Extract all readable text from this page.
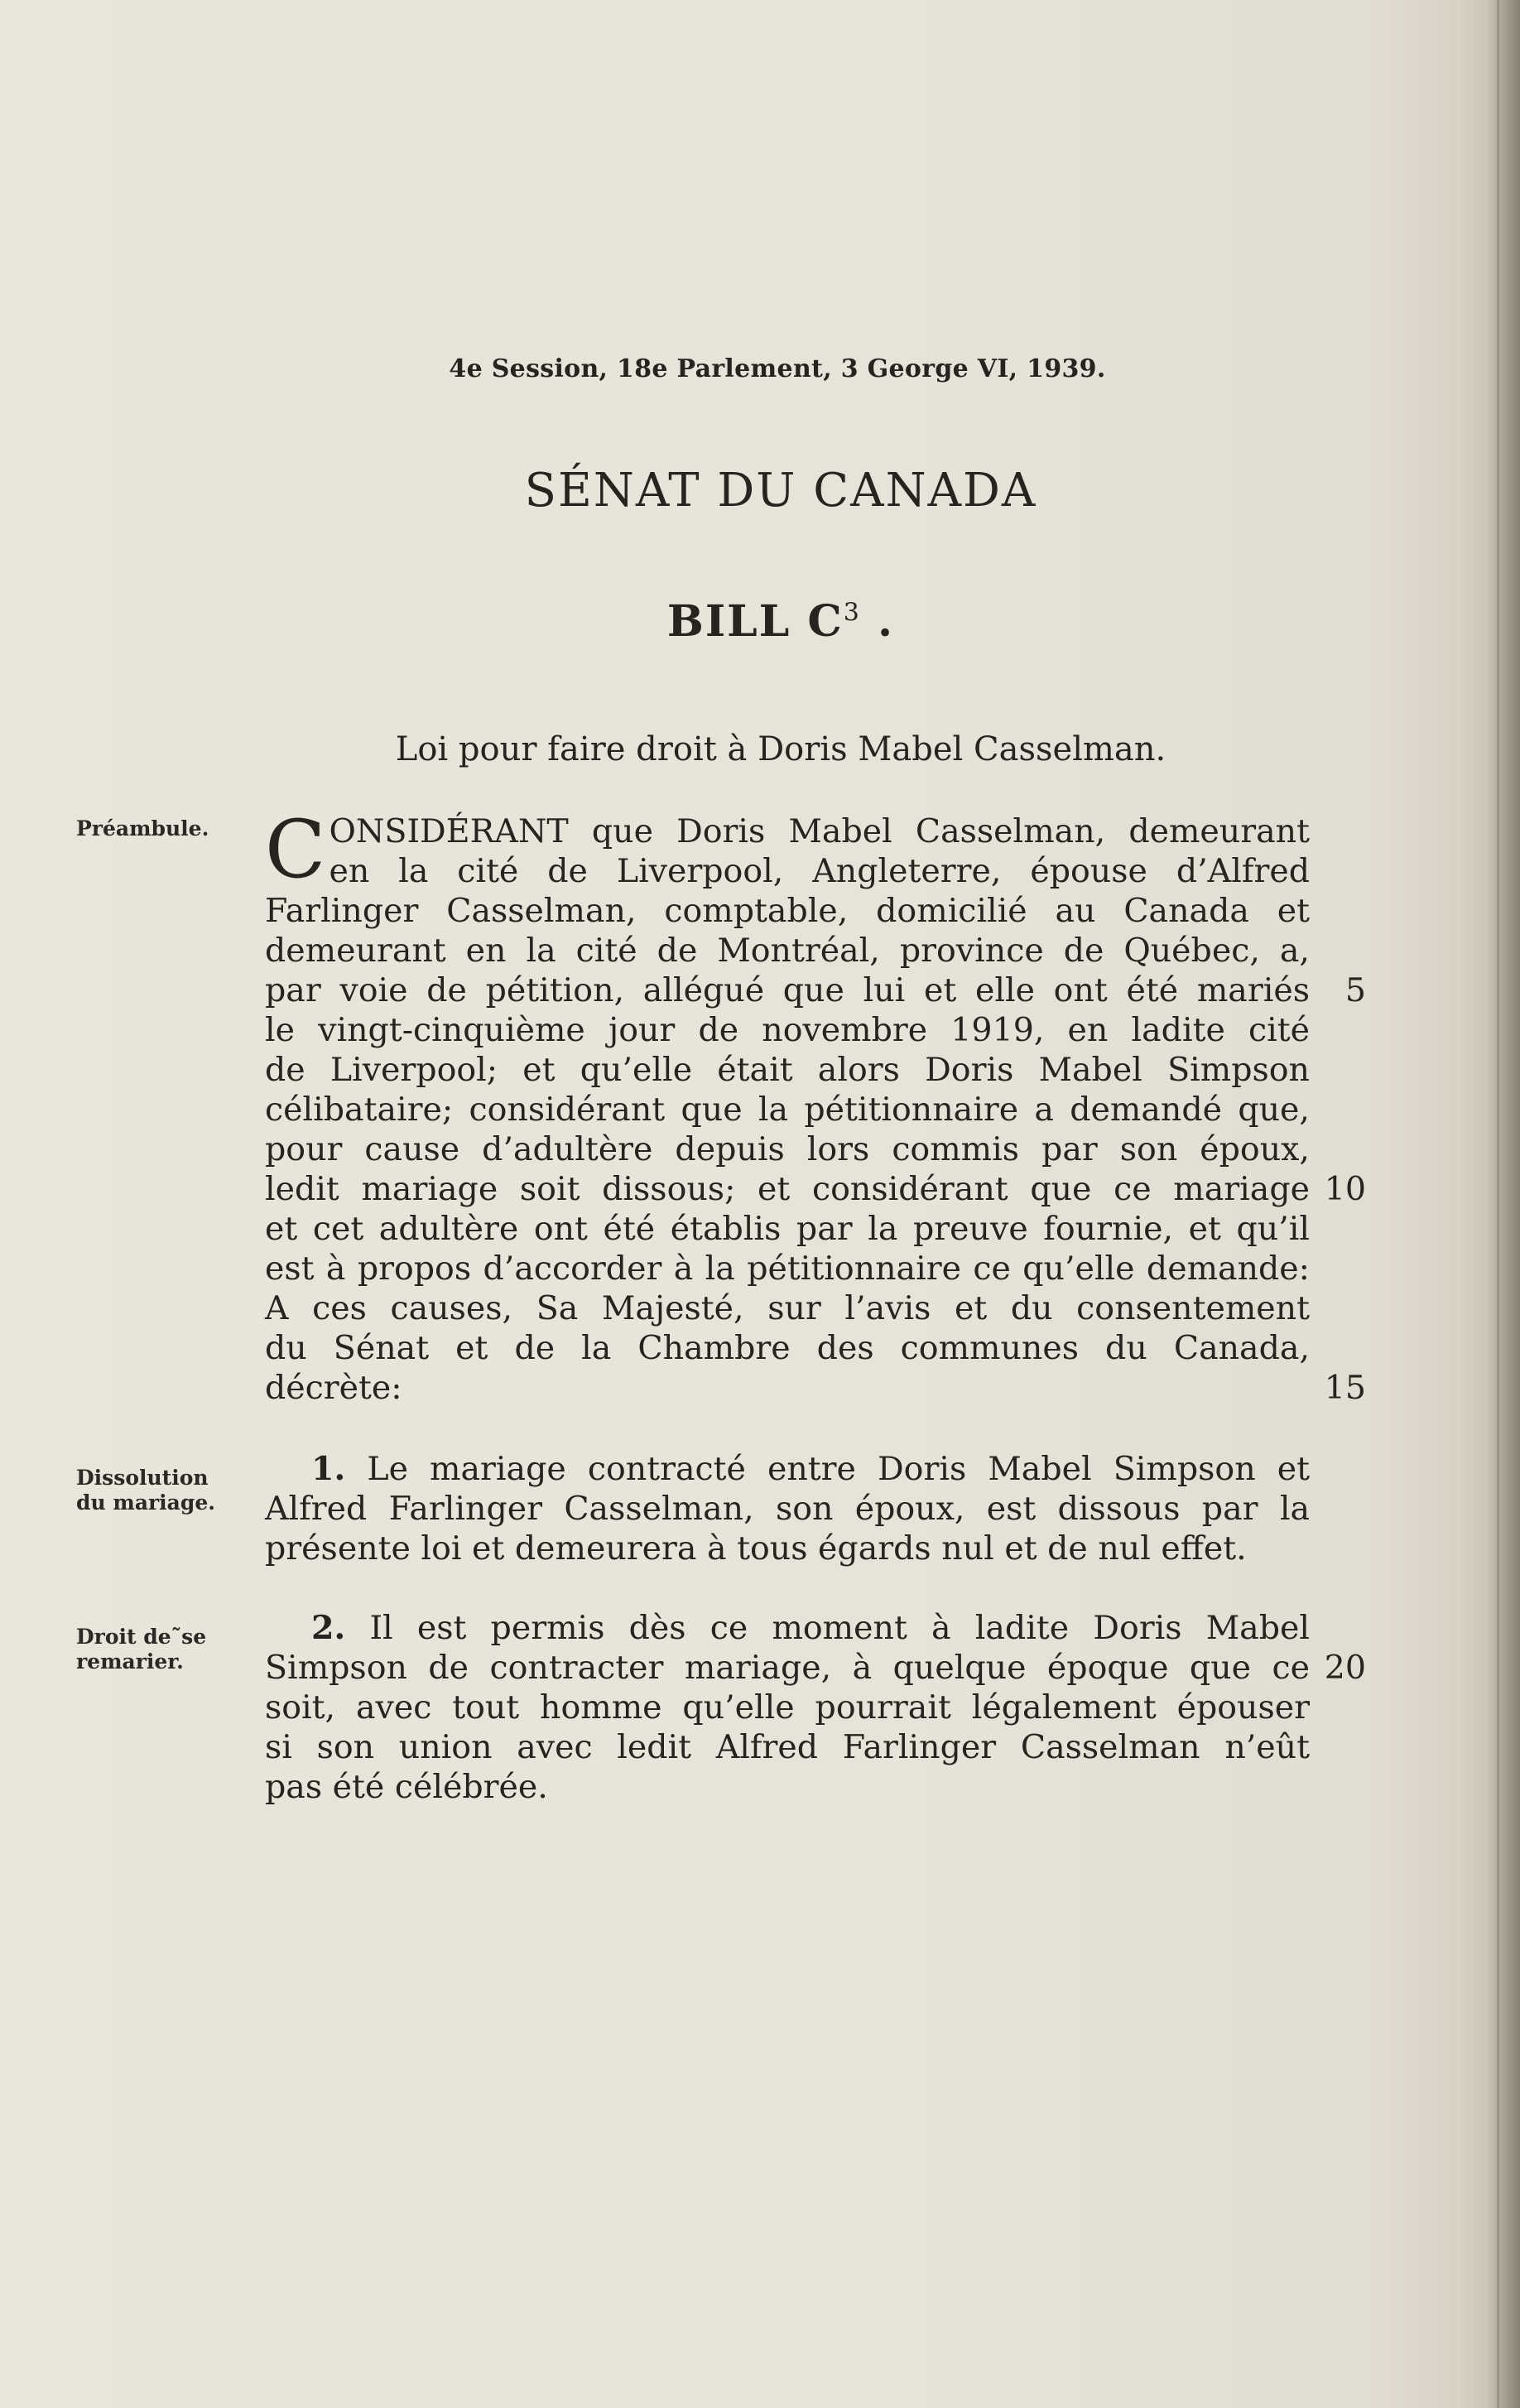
4e Session, 18e Parlement, 3 George VI, 1939.
SÉNAT DU CANADA
BILL $C^3$ .
Loi pour faire droit à Doris Mabel Casselman.
Préambule.
Dissolution
du mariage.
Droit de˜se
remarier.
C ONSIDÉRANT que Doris Mabel Casselman, demeurant
en la cité de Liverpool, Angleterre, épouse d’Alfred
Farlinger Casselman, comptable, domicilié au Canada et
demeurant en la cité de Montréal, province de Québec, a,
par voie de pétition, allégué que lui et elle ont été mariés
le vingt-cinquième jour de novembre 1919, en ladite cité
de Liverpool; et qu’elle était alors Doris Mabel Simpson
célibataire; considérant que la pétitionnaire a demandé que,
pour cause d’adultère depuis lors commis par son époux,
ledit mariage soit dissous; et considérant que ce mariage
et cet adultère ont été établis par la preuve fournie, et qu’il
est à propos d’accorder à la pétitionnaire ce qu’elle demande:
A ces causes, Sa Majesté, sur l’avis et du consentement
du Sénat et de la Chambre des communes du Canada,
décrète:
1. Le mariage contracté entre Doris Mabel Simpson et
Alfred Farlinger Casselman, son époux, est dissous par la
présente loi et demeurera à tous égards nul et de nul effet.
2. Il est permis dès ce moment à ladite Doris Mabel
Simpson de contracter mariage, à quelque époque que ce
soit, avec tout homme qu’elle pourrait légalement épouser
si son union avec ledit Alfred Farlinger Casselman n’eût
pas été célébrée.
5
10
15
20
